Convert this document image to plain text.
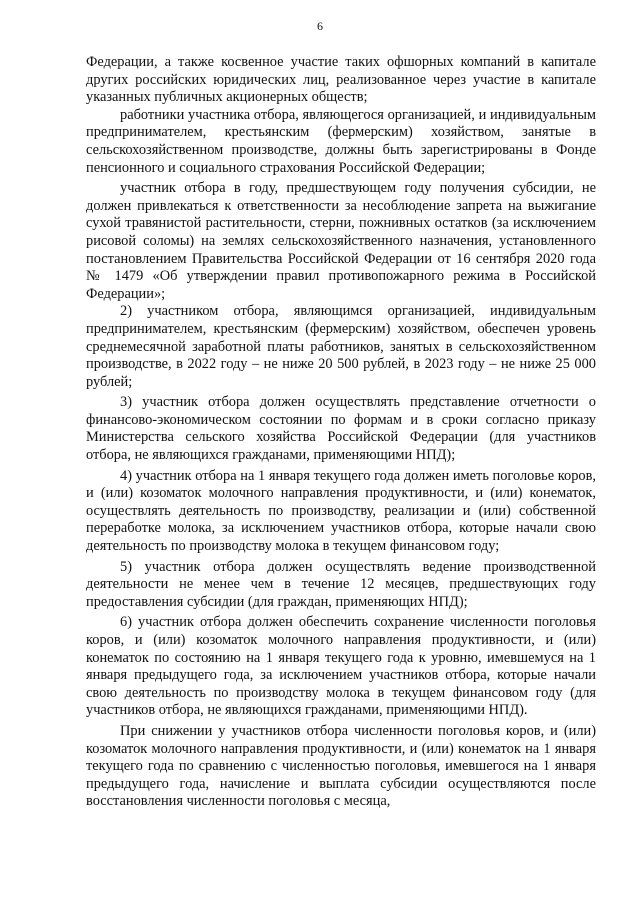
6

Федерации, а также косвенное участие таких офшорных компаний в капитале других российских юридических лиц, реализованное через участие в капитале указанных публичных акционерных обществ;

работники участника отбора, являющегося организацией, и индивидуальным предпринимателем, крестьянским (фермерским) хозяйством, занятые в сельскохозяйственном производстве, должны быть зарегистрированы в Фонде пенсионного и социального страхования Российской Федерации;

участник отбора в году, предшествующем году получения субсидии, не должен привлекаться к ответственности за несоблюдение запрета на выжигание сухой травянистой растительности, стерни, пожнивных остатков (за исключением рисовой соломы) на землях сельскохозяйственного назначения, установленного постановлением Правительства Российской Федерации от 16 сентября 2020 года № 1479 «Об утверждении правил противопожарного режима в Российской Федерации»;

2) участником отбора, являющимся организацией, индивидуальным предпринимателем, крестьянским (фермерским) хозяйством, обеспечен уровень среднемесячной заработной платы работников, занятых в сельскохозяйственном производстве, в 2022 году – не ниже 20 500 рублей, в 2023 году – не ниже 25 000 рублей;

3) участник отбора должен осуществлять представление отчетности о финансово-экономическом состоянии по формам и в сроки согласно приказу Министерства сельского хозяйства Российской Федерации (для участников отбора, не являющихся гражданами, применяющими НПД);

4) участник отбора на 1 января текущего года должен иметь поголовье коров, и (или) козоматок молочного направления продуктивности, и (или) конематок, осуществлять деятельность по производству, реализации и (или) собственной переработке молока, за исключением участников отбора, которые начали свою деятельность по производству молока в текущем финансовом году;

5) участник отбора должен осуществлять ведение производственной деятельности не менее чем в течение 12 месяцев, предшествующих году предоставления субсидии (для граждан, применяющих НПД);

6) участник отбора должен обеспечить сохранение численности поголовья коров, и (или) козоматок молочного направления продуктивности, и (или) конематок по состоянию на 1 января текущего года к уровню, имевшемуся на 1 января предыдущего года, за исключением участников отбора, которые начали свою деятельность по производству молока в текущем финансовом году (для участников отбора, не являющихся гражданами, применяющими НПД).

При снижении у участников отбора численности поголовья коров, и (или) козоматок молочного направления продуктивности, и (или) конематок на 1 января текущего года по сравнению с численностью поголовья, имевшегося на 1 января предыдущего года, начисление и выплата субсидии осуществляются после восстановления численности поголовья с месяца,
